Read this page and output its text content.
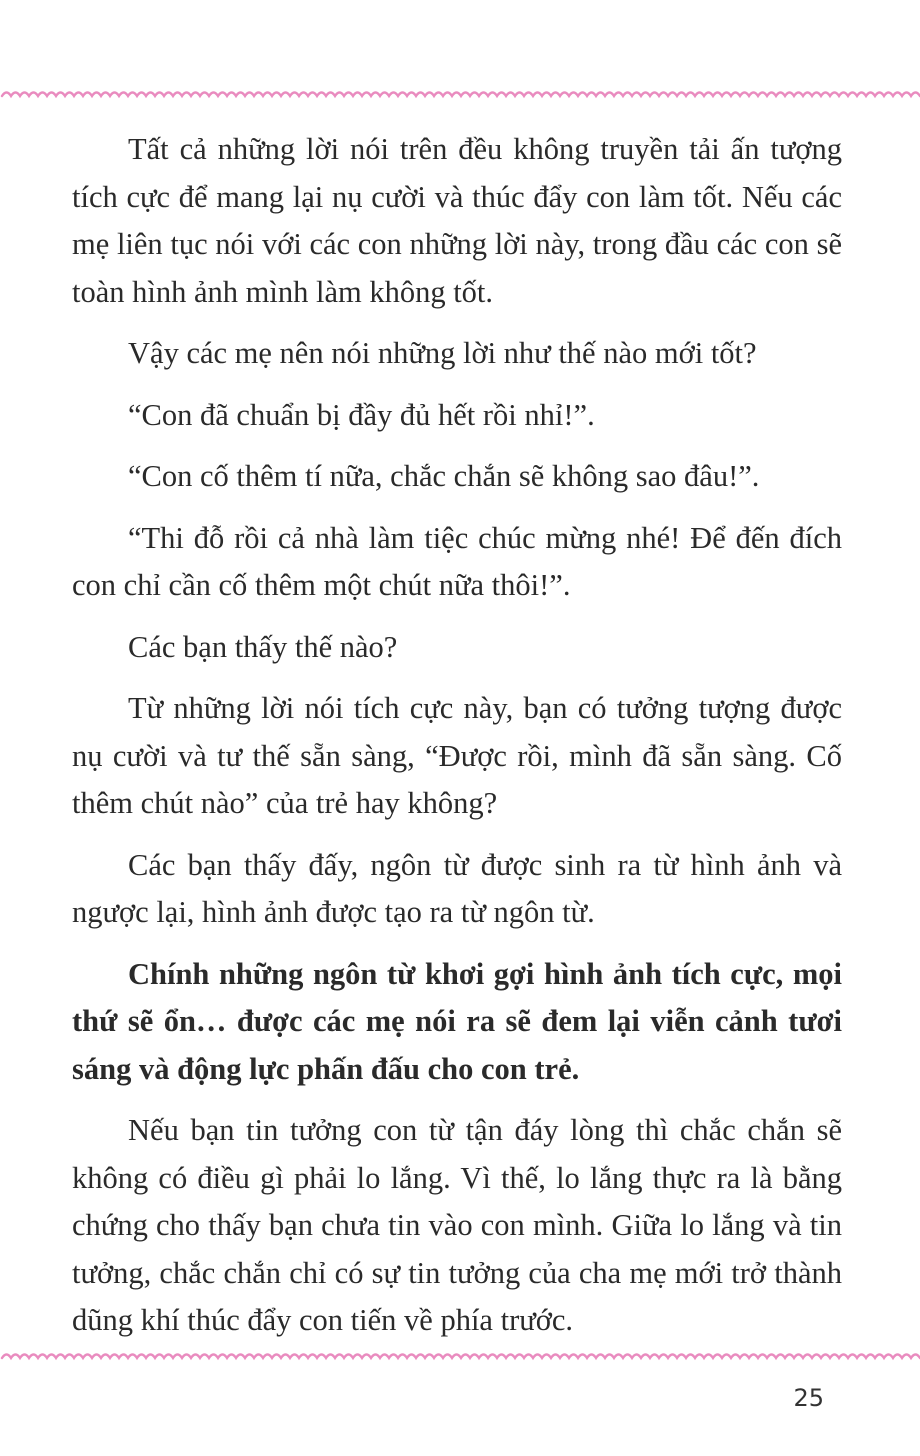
Tất cả những lời nói trên đều không truyền tải ấn tượng tích cực để mang lại nụ cười và thúc đẩy con làm tốt. Nếu các mẹ liên tục nói với các con những lời này, trong đầu các con sẽ toàn hình ảnh mình làm không tốt.

Vậy các mẹ nên nói những lời như thế nào mới tốt?

“Con đã chuẩn bị đầy đủ hết rồi nhỉ!”.

“Con cố thêm tí nữa, chắc chắn sẽ không sao đâu!”.

“Thi đỗ rồi cả nhà làm tiệc chúc mừng nhé! Để đến đích con chỉ cần cố thêm một chút nữa thôi!”.

Các bạn thấy thế nào?

Từ những lời nói tích cực này, bạn có tưởng tượng được nụ cười và tư thế sẵn sàng, “Được rồi, mình đã sẵn sàng. Cố thêm chút nào” của trẻ hay không?

Các bạn thấy đấy, ngôn từ được sinh ra từ hình ảnh và ngược lại, hình ảnh được tạo ra từ ngôn từ.

Chính những ngôn từ khơi gợi hình ảnh tích cực, mọi thứ sẽ ổn… được các mẹ nói ra sẽ đem lại viễn cảnh tươi sáng và động lực phấn đấu cho con trẻ.

Nếu bạn tin tưởng con từ tận đáy lòng thì chắc chắn sẽ không có điều gì phải lo lắng. Vì thế, lo lắng thực ra là bằng chứng cho thấy bạn chưa tin vào con mình. Giữa lo lắng và tin tưởng, chắc chắn chỉ có sự tin tưởng của cha mẹ mới trở thành dũng khí thúc đẩy con tiến về phía trước.

25
